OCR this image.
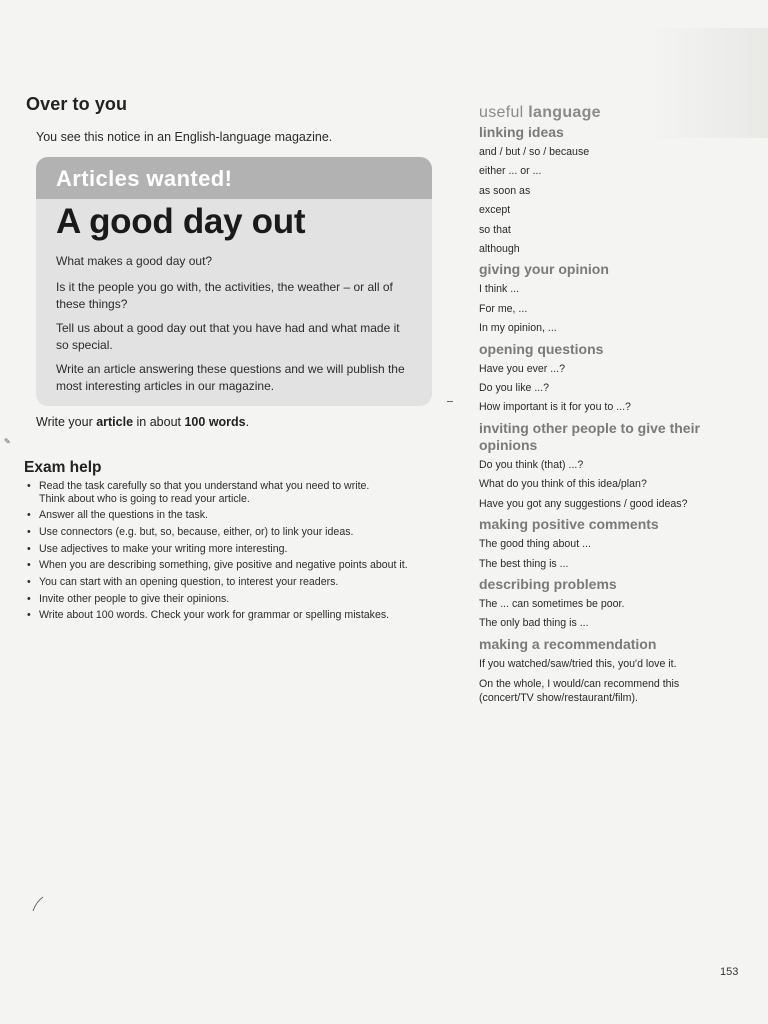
Over to you
You see this notice in an English-language magazine.
Articles wanted!
A good day out
What makes a good day out?
Is it the people you go with, the activities, the weather – or all of these things?
Tell us about a good day out that you have had and what made it so special.
Write an article answering these questions and we will publish the most interesting articles in our magazine.
Write your article in about 100 words.
✎
Exam help
• Read the task carefully so that you understand what you need to write.
Think about who is going to read your article.
• Answer all the questions in the task.
• Use connectors (e.g. but, so, because, either, or) to link your ideas.
• Use adjectives to make your writing more interesting.
• When you are describing something, give positive and negative points about it.
• You can start with an opening question, to interest your readers.
• Invite other people to give their opinions.
• Write about 100 words. Check your work for grammar or spelling mistakes.
useful language
linking ideas
and / but / so / because
either ... or ...
as soon as
except
so that
although
giving your opinion
I think ...
For me, ...
In my opinion, ...
opening questions
Have you ever ...?
Do you like ...?
How important is it for you to ...?
inviting other people to give their opinions
Do you think (that) ...?
What do you think of this idea/plan?
Have you got any suggestions / good ideas?
making positive comments
The good thing about ...
The best thing is ...
describing problems
The ... can sometimes be poor.
The only bad thing is ...
making a recommendation
If you watched/saw/tried this, you'd love it.
On the whole, I would/can recommend this (concert/TV show/restaurant/film).
153
